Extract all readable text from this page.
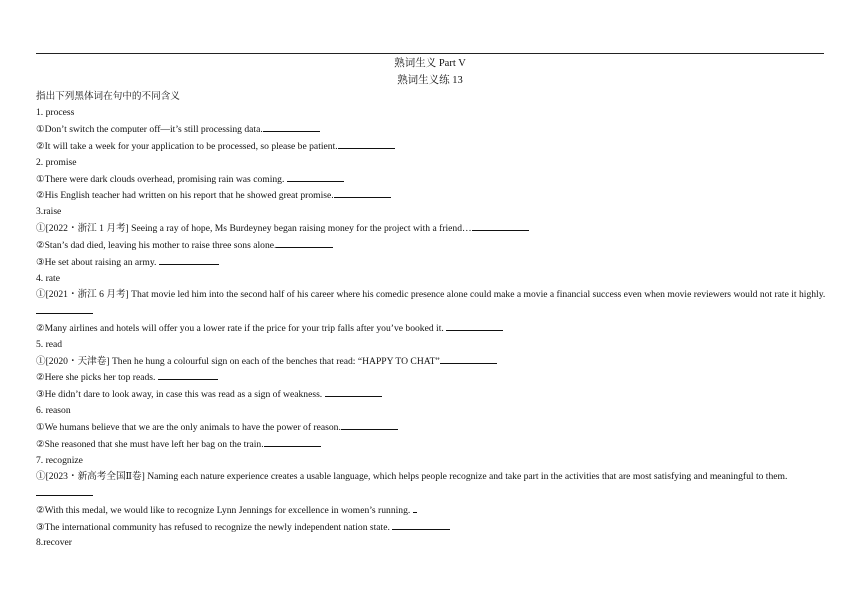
熟词生义 Part V
熟词生义练 13
指出下列黑体词在句中的不同含义
1. process
①Don’t switch the computer off—it’s still processing data.
②It will take a week for your application to be processed, so please be patient.
2. promise
①There were dark clouds overhead, promising rain was coming.
②His English teacher had written on his report that he showed great promise.
3.raise
①[2022・浙江 1 月考] Seeing a ray of hope, Ms Burdeyney began raising money for the project with a friend…
②Stan’s dad died, leaving his mother to raise three sons alone.
③He set about raising an army.
4. rate
①[2021・浙江 6 月考] That movie led him into the second half of his career where his comedic presence alone could make a movie a financial success even when movie reviewers would not rate it highly.
②Many airlines and hotels will offer you a lower rate if the price for your trip falls after you’ve booked it.
5. read
①[2020・天津卷] Then he hung a colourful sign on each of the benches that read: “HAPPY TO CHAT”
②Here she picks her top reads.
③He didn’t dare to look away, in case this was read as a sign of weakness.
6. reason
①We humans believe that we are the only animals to have the power of reason.
②She reasoned that she must have left her bag on the train.
7. recognize
①[2023・新高考全国Ⅱ卷] Naming each nature experience creates a usable language, which helps people recognize and take part in the activities that are most satisfying and meaningful to them.
②With this medal, we would like to recognize Lynn Jennings for excellence in women’s running.
③The international community has refused to recognize the newly independent nation state.
8.recover
